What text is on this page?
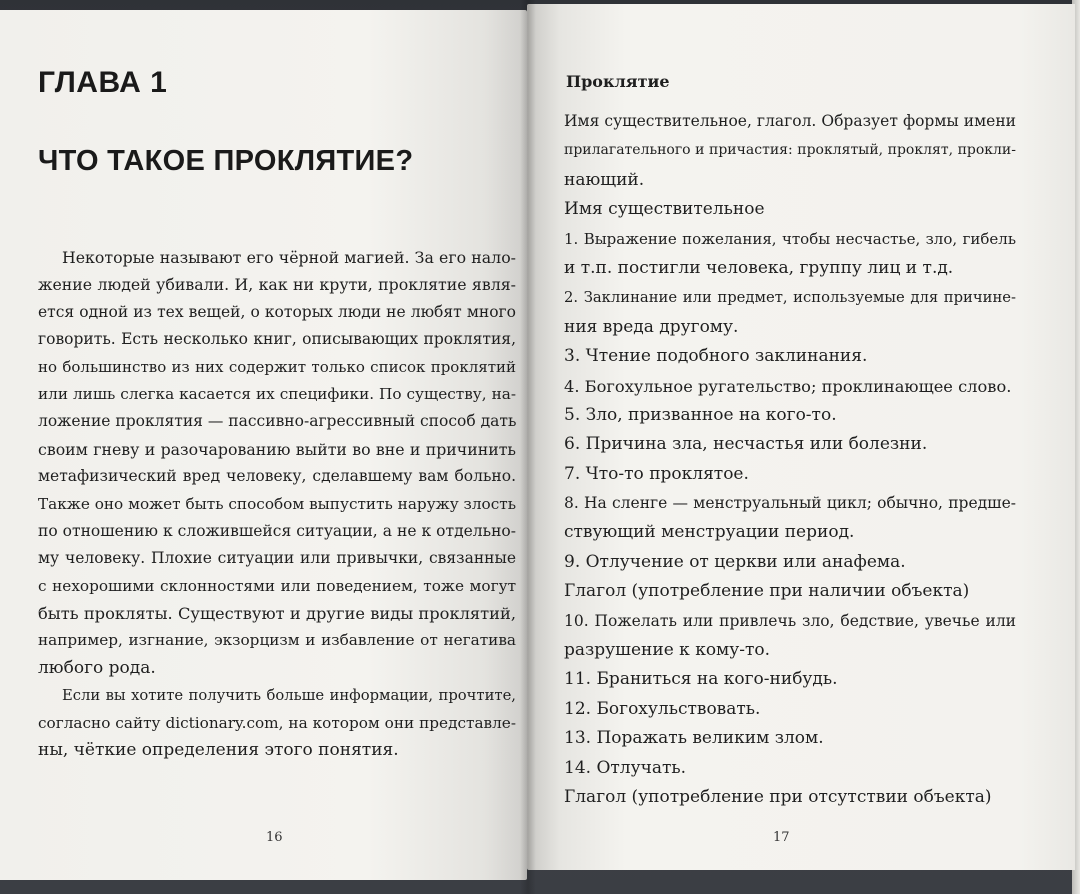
ГЛАВА 1
ЧТО ТАКОЕ ПРОКЛЯТИЕ?
Некоторые называют его чёрной магией. За его нало-
жение людей убивали. И, как ни крути, проклятие явля-
ется одной из тех вещей, о которых люди не любят много
говорить. Есть несколько книг, описывающих проклятия,
но большинство из них содержит только список проклятий
или лишь слегка касается их специфики. По существу, на-
ложение проклятия — пассивно-агрессивный способ дать
своим гневу и разочарованию выйти во вне и причинить
метафизический вред человеку, сделавшему вам больно.
Также оно может быть способом выпустить наружу злость
по отношению к сложившейся ситуации, а не к отдельно-
му человеку. Плохие ситуации или привычки, связанные
с нехорошими склонностями или поведением, тоже могут
быть прокляты. Существуют и другие виды проклятий,
например, изгнание, экзорцизм и избавление от негатива
любого рода.
Если вы хотите получить больше информации, прочтите,
согласно сайту dictionary.com, на котором они представле-
ны, чёткие определения этого понятия.
16
Проклятие
Имя существительное, глагол. Образует формы имени
прилагательного и причастия: проклятый, проклят, прокли-
нающий.
Имя существительное
1. Выражение пожелания, чтобы несчастье, зло, гибель
и т.п. постигли человека, группу лиц и т.д.
2. Заклинание или предмет, используемые для причине-
ния вреда другому.
3. Чтение подобного заклинания.
4. Богохульное ругательство; проклинающее слово.
5. Зло, призванное на кого-то.
6. Причина зла, несчастья или болезни.
7. Что-то проклятое.
8. На сленге — менструальный цикл; обычно, предше-
ствующий менструации период.
9. Отлучение от церкви или анафема.
Глагол (употребление при наличии объекта)
10. Пожелать или привлечь зло, бедствие, увечье или
разрушение к кому-то.
11. Браниться на кого-нибудь.
12. Богохульствовать.
13. Поражать великим злом.
14. Отлучать.
Глагол (употребление при отсутствии объекта)
17
